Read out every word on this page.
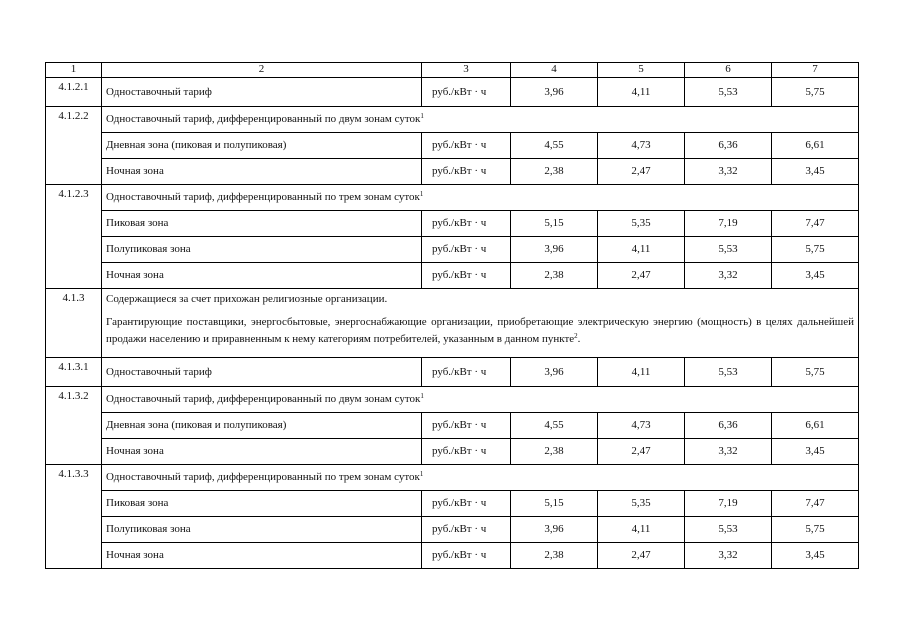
1	2	3	4	5	6	7
4.1.2.1	Одноставочный тариф	руб./кВт · ч	3,96	4,11	5,53	5,75
4.1.2.2	Одноставочный тариф, дифференцированный по двум зонам суток$^1$
	Дневная зона (пиковая и полупиковая)	руб./кВт · ч	4,55	4,73	6,36	6,61
	Ночная зона	руб./кВт · ч	2,38	2,47	3,32	3,45
4.1.2.3	Одноставочный тариф, дифференцированный по трем зонам суток$^1$
	Пиковая зона	руб./кВт · ч	5,15	5,35	7,19	7,47
	Полупиковая зона	руб./кВт · ч	3,96	4,11	5,53	5,75
	Ночная зона	руб./кВт · ч	2,38	2,47	3,32	3,45
4.1.3	Содержащиеся за счет прихожан религиозные организации.

Гарантирующие поставщики, энергосбытовые, энергоснабжающие организации, приобретающие электрическую энергию (мощность) в целях дальнейшей продажи населению и приравненным к нему категориям потребителей, указанным в данном пункте$^2$.					

4.1.3.1	Одноставочный тариф	руб./кВт · ч	3,96	4,11	5,53	5,75
4.1.3.2	Одноставочный тариф, дифференцированный по двум зонам суток$^1$
	Дневная зона (пиковая и полупиковая)	руб./кВт · ч	4,55	4,73	6,36	6,61
	Ночная зона	руб./кВт · ч	2,38	2,47	3,32	3,45
4.1.3.3	Одноставочный тариф, дифференцированный по трем зонам суток$^1$
	Пиковая зона	руб./кВт · ч	5,15	5,35	7,19	7,47
	Полупиковая зона	руб./кВт · ч	3,96	4,11	5,53	5,75
	Ночная зона	руб./кВт · ч	2,38	2,47	3,32	3,45
